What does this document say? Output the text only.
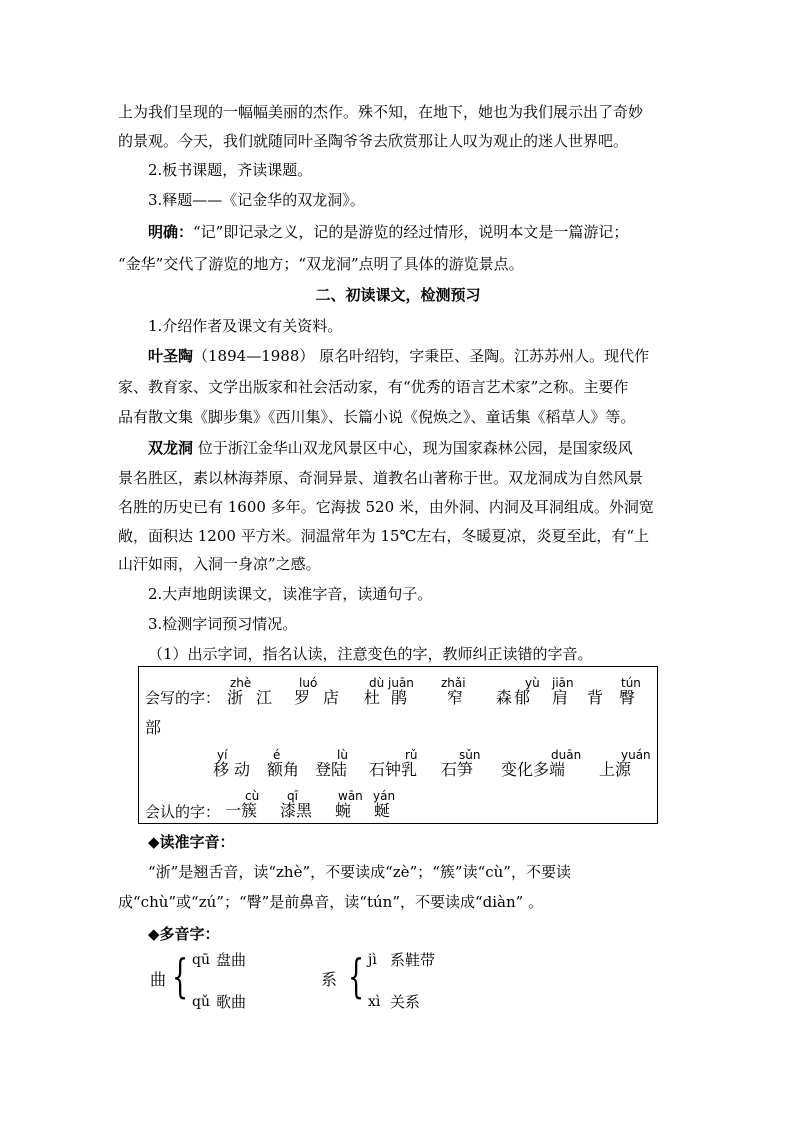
上为我们呈现的一幅幅美丽的杰作。殊不知，在地下，她也为我们展示出了奇妙
的景观。今天，我们就随同叶圣陶爷爷去欣赏那让人叹为观止的迷人世界吧。
2.板书课题，齐读课题。
3.释题——《记金华的双龙洞》。
明确：“记”即记录之义，记的是游览的经过情形，说明本文是一篇游记；
“金华”交代了游览的地方；“双龙洞”点明了具体的游览景点。
二、初读课文，检测预习
1.介绍作者及课文有关资料。
叶圣陶（1894—1988） 原名叶绍钧，字秉臣、圣陶。江苏苏州人。现代作
家、教育家、文学出版家和社会活动家，有“优秀的语言艺术家”之称。主要作
品有散文集《脚步集》《西川集》、长篇小说《倪焕之》、童话集《稻草人》等。
双龙洞 位于浙江金华山双龙风景区中心，现为国家森林公园，是国家级风
景名胜区，素以林海莽原、奇洞异景、道教名山著称于世。双龙洞成为自然风景
名胜的历史已有 1600 多年。它海拔 520 米，由外洞、内洞及耳洞组成。外洞宽
敞，面积达 1200 平方米。洞温常年为 15℃左右，冬暖夏凉，炎夏至此，有“上
山汗如雨，入洞一身凉”之感。
2.大声地朗读课文，读准字音，读通句子。
3.检测字词预习情况。
（1）出示字词，指名认读，注意变色的字，教师纠正读错的字音。
会写的字：
zhè
浙 江
luó
罗 店
dù
杜
juān
鹃
zhǎi
窄 森
yù
郁
jiān
肩 背
tún
臀
部
yí
移 动
é
额角
lù
登陆
rǔ
石钟乳
sǔn
石笋
duān
变化多端
yuán
上源
会认的字：
cù
一簇
qī
漆黑
wān
蜿
yán
蜒
◆读准字音：
“浙”是翘舌音，读“zhè”，不要读成“zè”；“簇”读“cù”，不要读
成“chù”或“zú”；“臀”是前鼻音，读“tún”，不要读成“diàn” 。
◆多音字：
曲 { qū 盘曲
qǔ 歌曲
系 { jì 系鞋带
xì 关系
